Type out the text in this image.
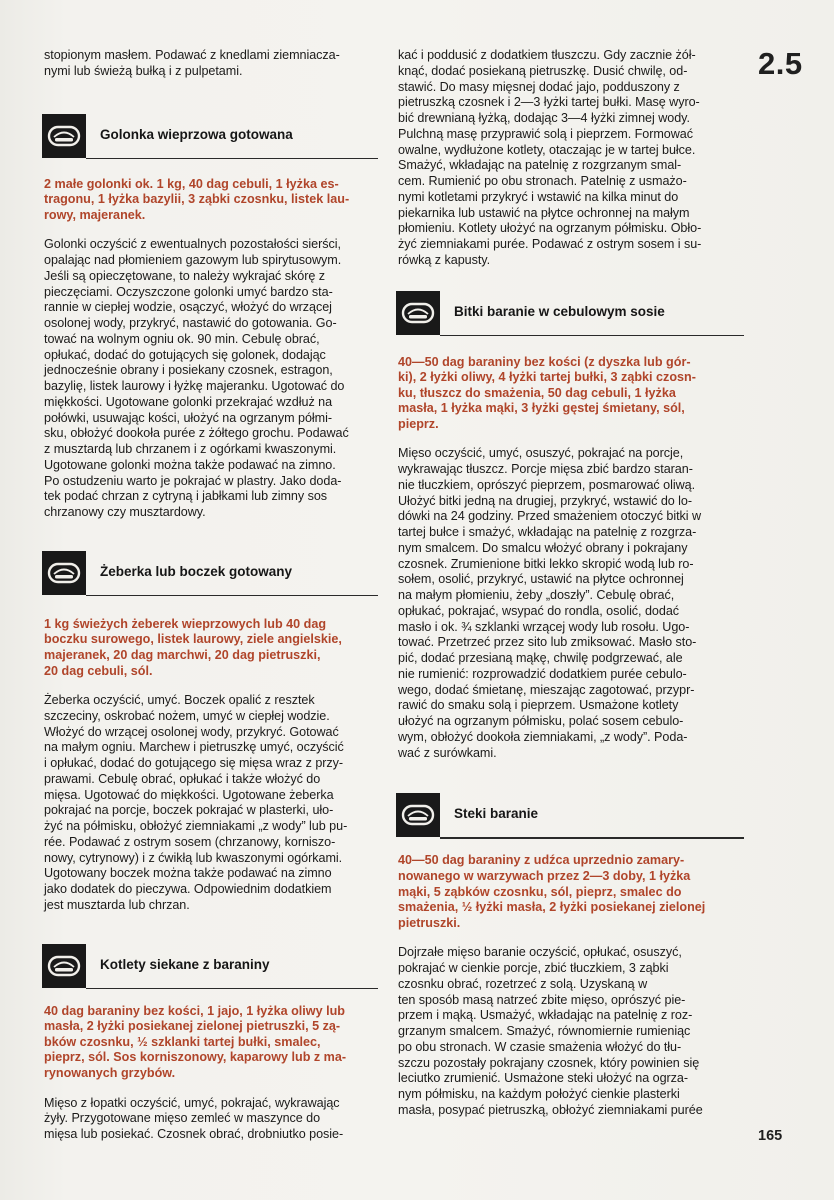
2.5
stopionym masłem. Podawać z knedlami ziemniacza-
nymi lub świeżą bułką i z pulpetami.
Golonka wieprzowa gotowana
2 małe golonki ok. 1 kg, 40 dag cebuli, 1 łyżka es-
tragonu, 1 łyżka bazylii, 3 ząbki czosnku, listek lau-
rowy, majeranek.
Golonki oczyścić z ewentualnych pozostałości sierści,
opalając nad płomieniem gazowym lub spirytusowym.
Jeśli są opieczętowane, to należy wykrajać skórę z
pieczęciami. Oczyszczone golonki umyć bardzo sta-
rannie w ciepłej wodzie, osączyć, włożyć do wrzącej
osolonej wody, przykryć, nastawić do gotowania. Go-
tować na wolnym ogniu ok. 90 min. Cebulę obrać,
opłukać, dodać do gotujących się golonek, dodając
jednocześnie obrany i posiekany czosnek, estragon,
bazylię, listek laurowy i łyżkę majeranku. Ugotować do
miękkości. Ugotowane golonki przekrajać wzdłuż na
połówki, usuwając kości, ułożyć na ogrzanym półmi-
sku, obłożyć dookoła purée z żółtego grochu. Podawać
z musztardą lub chrzanem i z ogórkami kwaszonymi.
Ugotowane golonki można także podawać na zimno.
Po ostudzeniu warto je pokrajać w plastry. Jako doda-
tek podać chrzan z cytryną i jabłkami lub zimny sos
chrzanowy czy musztardowy.
Żeberka lub boczek gotowany
1 kg świeżych żeberek wieprzowych lub 40 dag
boczku surowego, listek laurowy, ziele angielskie,
majeranek, 20 dag marchwi, 20 dag pietruszki,
20 dag cebuli, sól.
Żeberka oczyścić, umyć. Boczek opalić z resztek
szczeciny, oskrobać nożem, umyć w ciepłej wodzie.
Włożyć do wrzącej osolonej wody, przykryć. Gotować
na małym ogniu. Marchew i pietruszkę umyć, oczyścić
i opłukać, dodać do gotującego się mięsa wraz z przy-
prawami. Cebulę obrać, opłukać i także włożyć do
mięsa. Ugotować do miękkości. Ugotowane żeberka
pokrajać na porcje, boczek pokrajać w plasterki, uło-
żyć na półmisku, obłożyć ziemniakami „z wody” lub pu-
rée. Podawać z ostrym sosem (chrzanowy, korniszo-
nowy, cytrynowy) i z ćwikłą lub kwaszonymi ogórkami.
Ugotowany boczek można także podawać na zimno
jako dodatek do pieczywa. Odpowiednim dodatkiem
jest musztarda lub chrzan.
Kotlety siekane z baraniny
40 dag baraniny bez kości, 1 jajo, 1 łyżka oliwy lub
masła, 2 łyżki posiekanej zielonej pietruszki, 5 zą-
bków czosnku, ½ szklanki tartej bułki, smalec,
pieprz, sól. Sos korniszonowy, kaparowy lub z ma-
rynowanych grzybów.
Mięso z łopatki oczyścić, umyć, pokrajać, wykrawając
żyły. Przygotowane mięso zemleć w maszynce do
mięsa lub posiekać. Czosnek obrać, drobniutko posie-
kać i poddusić z dodatkiem tłuszczu. Gdy zacznie żół-
knąć, dodać posiekaną pietruszkę. Dusić chwilę, od-
stawić. Do masy mięsnej dodać jajo, podduszony z
pietruszką czosnek i 2—3 łyżki tartej bułki. Masę wyro-
bić drewnianą łyżką, dodając 3—4 łyżki zimnej wody.
Pulchną masę przyprawić solą i pieprzem. Formować
owalne, wydłużone kotlety, otaczając je w tartej bułce.
Smażyć, wkładając na patelnię z rozgrzanym smal-
cem. Rumienić po obu stronach. Patelnię z usmażo-
nymi kotletami przykryć i wstawić na kilka minut do
piekarnika lub ustawić na płytce ochronnej na małym
płomieniu. Kotlety ułożyć na ogrzanym półmisku. Obło-
żyć ziemniakami purée. Podawać z ostrym sosem i su-
rówką z kapusty.
Bitki baranie w cebulowym sosie
40—50 dag baraniny bez kości (z dyszka lub gór-
ki), 2 łyżki oliwy, 4 łyżki tartej bułki, 3 ząbki czosn-
ku, tłuszcz do smażenia, 50 dag cebuli, 1 łyżka
masła, 1 łyżka mąki, 3 łyżki gęstej śmietany, sól,
pieprz.
Mięso oczyścić, umyć, osuszyć, pokrajać na porcje,
wykrawając tłuszcz. Porcje mięsa zbić bardzo staran-
nie tłuczkiem, oprószyć pieprzem, posmarować oliwą.
Ułożyć bitki jedną na drugiej, przykryć, wstawić do lo-
dówki na 24 godziny. Przed smażeniem otoczyć bitki w
tartej bułce i smażyć, wkładając na patelnię z rozgrza-
nym smalcem. Do smalcu włożyć obrany i pokrajany
czosnek. Zrumienione bitki lekko skropić wodą lub ro-
sołem, osolić, przykryć, ustawić na płytce ochronnej
na małym płomieniu, żeby „doszły”. Cebulę obrać,
opłukać, pokrajać, wsypać do rondla, osolić, dodać
masło i ok. ¾ szklanki wrzącej wody lub rosołu. Ugo-
tować. Przetrzeć przez sito lub zmiksować. Masło sto-
pić, dodać przesianą mąkę, chwilę podgrzewać, ale
nie rumienić: rozprowadzić dodatkiem purée cebulo-
wego, dodać śmietanę, mieszając zagotować, przypr-
rawić do smaku solą i pieprzem. Usmażone kotlety
ułożyć na ogrzanym półmisku, polać sosem cebulo-
wym, obłożyć dookoła ziemniakami, „z wody”. Poda-
wać z surówkami.
Steki baranie
40—50 dag baraniny z udźca uprzednio zamary-
nowanego w warzywach przez 2—3 doby, 1 łyżka
mąki, 5 ząbków czosnku, sól, pieprz, smalec do
smażenia, ½ łyżki masła, 2 łyżki posiekanej zielonej
pietruszki.
Dojrzałe mięso baranie oczyścić, opłukać, osuszyć,
pokrajać w cienkie porcje, zbić tłuczkiem, 3 ząbki
czosnku obrać, rozetrzeć z solą. Uzyskaną w
ten sposób masą natrzeć zbite mięso, oprószyć pie-
przem i mąką. Usmażyć, wkładając na patelnię z roz-
grzanym smalcem. Smażyć, równomiernie rumieniąc
po obu stronach. W czasie smażenia włożyć do tłu-
szczu pozostały pokrajany czosnek, który powinien się
leciutko zrumienić. Usmażone steki ułożyć na ogrza-
nym półmisku, na każdym położyć cienkie plasterki
masła, posypać pietruszką, obłożyć ziemniakami purée
165
